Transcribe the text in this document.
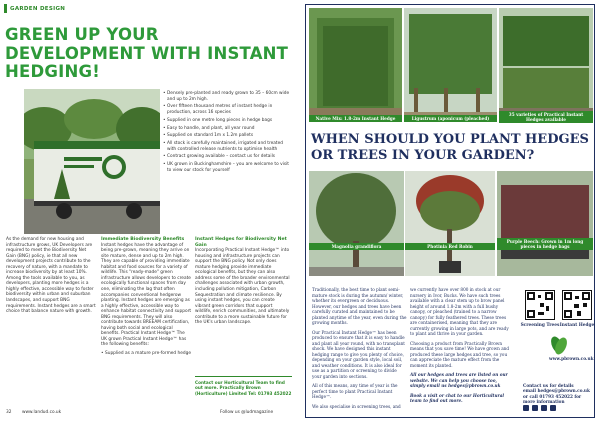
GARDEN DESIGN
GREEN UP YOUR DEVELOPMENT WITH INSTANT HEDGING!
• Densely pre-planted and ready grown to 35 – 60cm wide and up to 2m high.
• Over fifteen thousand metres of instant hedge in production, across 16 species
• Supplied in one metre long pieces in hedge bags
• Easy to handle, and plant, all year round
• Supplied on standard 1m x 1.2m pallets
• All stock is carefully maintained, irrigated and treated with controlled release nutrients to optimise health
• Contract growing available – contact us for details
• UK grown in Buckinghamshire – you are welcome to visit to view our stock for yourself

As the demand for new housing and infrastructure grows, UK Developers are required to meet the Biodiversity Net Gain (BNG) policy, ie that all new development projects contribute to the recovery of nature, with a mandate to increase biodiversity by at least 10%. Among the tools available to you, as developers, planting more hedges is a highly effective, accessible way to foster biodiversity within urban and suburban landscapes, and support BNG requirements. Instant hedges are a smart choice that balance nature with growth.

Immediate Biodiversity Benefits

Instant hedges have the advantage of being pre-grown, meaning they arrive on site mature, dense and up to 2m high. They are capable of providing immediate habitat and food sources for a variety of wildlife. This "ready-made" green infrastructure allows developers to create ecologically functional spaces from day one, eliminating the lag that often accompanies conventional hedgerow planting. Instant hedges are emerging as a highly effective, accessible way to enhance habitat connectivity and support BNG requirements. They will also contribute towards BREEAM certification, having both social and ecological benefits. Practical Instant Hedge™ The UK grown Practical Instant Hedge™ has the following benefits:

• Supplied as a mature pre-formed hedge
Instant Hedges for Biodiversity Net Gain

Incorporating Practical Instant Hedge™ into housing and infrastructure projects can support the BNG policy. Not only does mature hedging provide immediate ecological benefits, but they can also address some of the broader environmental challenges associated with urban growth, including pollution mitigation, Carbon Sequestration and climate resilience. By using instant hedges, you can create vibrant green corridors that support wildlife, enrich communities, and ultimately contribute to a more sustainable future for the UK's urban landscape.

Contact our Horticultural Team to find out more. Practically Brown (Horticulture) Limited Tel: 01793 452022
32 www.landud.co.uk	Follow us @ludmagazine
Native Mix: 1.8-2m Instant Hedge	Ligustrum (aponicum (pleached)
35 varieties of Practical Instant Hedges available
WHEN SHOULD YOU PLANT HEDGES OR TREES IN YOUR GARDEN?
Magnolia grandiflora	Photinia Red Robin
Purple Beech: Grown in 1m long pieces in hedge bags

Traditionally, the best time to plant semi-mature stock is during the autumn/ winter, whether its evergreen or deciduous. However, our hedges and trees have been carefully curated and maintained to be planted anytime of the year, even during the growing months.

Our Practical Instant Hedge™ has been produced to ensure that it is easy to handle and plant all year round, with no transplant shock. We have designed this instant hedging range to give you plenty of choice, depending on your garden style, local soil, and weather conditions. It is also ideal for use as a partition or screening to divide your garden into sections.

All of this means, any time of year is the perfect time to plant Practical Instant Hedge™.

We also specialise in screening trees, and

we currently have over 800 in stock at our nursery in Ivor, Bucks. We have such trees available with a clear stem up to brow panel height of around 1.8-2m with a full bushy canopy, or pleached (trained to a narrow canopy) for fully feathered trees. These trees are containerised, meaning that they are currently growing in large pots, and are ready to plant and thrive in your garden.

Choosing a product from Practically Brown means that you save time! We have grown and produced these large hedges and tree, so you can appreciate the mature effect from the moment its planted.

All our hedges and trees are listed on our website. We can help you choose too, simply email us hedges@pbrown.co.uk

Book a visit or chat to our Horticultural team to find out more.

Screening Trees Instant Hedge
www.pbrown.co.uk
Contact us for details
email hedges@pbrown.co.uk
or call 01793 452022 for more information
